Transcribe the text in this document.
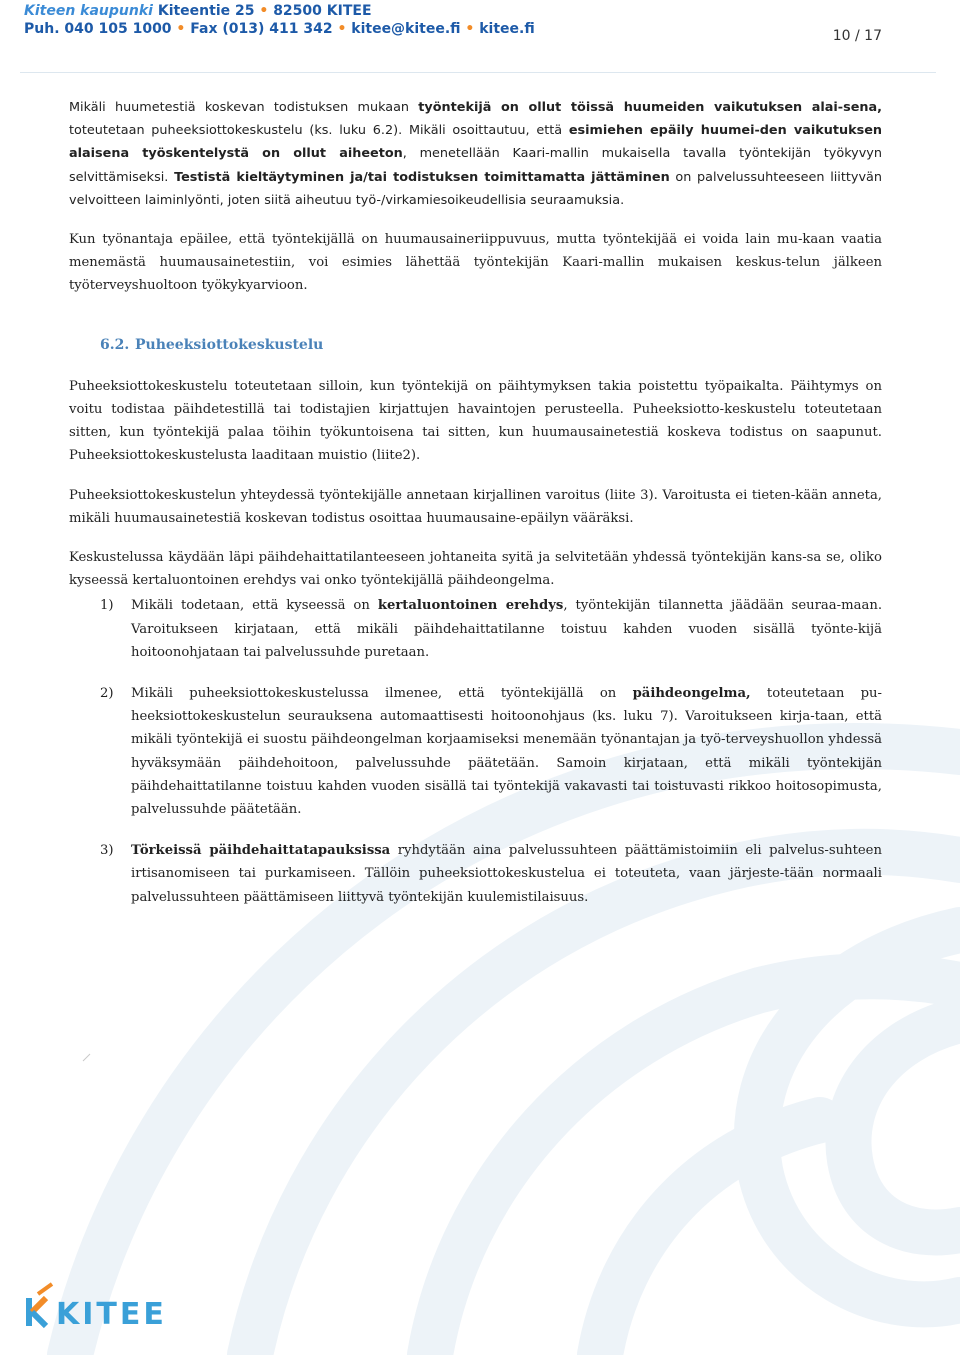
Kiteen kaupunki Kiteentie 25 • 82500 KITEE
Puh. 040 105 1000 • Fax (013) 411 342 • kitee@kitee.fi • kitee.fi	10 / 17

Mikäli huumetestiä koskevan todistuksen mukaan työntekijä on ollut töissä huumeiden vaikutuksen alai-sena, toteutetaan puheeksiottokeskustelu (ks. luku 6.2). Mikäli osoittautuu, että esimiehen epäily huumei-den vaikutuksen alaisena työskentelystä on ollut aiheeton, menetellään Kaari-mallin mukaisella tavalla työntekijän työkyvyn selvittämiseksi. Testistä kieltäytyminen ja/tai todistuksen toimittamatta jättäminen on palvelussuhteeseen liittyvän velvoitteen laiminlyönti, joten siitä aiheutuu työ-/virkamiesoikeudellisia seuraamuksia.

Kun työnantaja epäilee, että työntekijällä on huumausaineriippuvuus, mutta työntekijää ei voida lain mu-kaan vaatia menemästä huumausainetestiin, voi esimies lähettää työntekijän Kaari-mallin mukaisen keskus-telun jälkeen työterveyshuoltoon työkykyarvioon.

6.2. Puheeksiottokeskustelu

Puheeksiottokeskustelu toteutetaan silloin, kun työntekijä on päihtymyksen takia poistettu työpaikalta. Päihtymys on voitu todistaa päihdetestillä tai todistajien kirjattujen havaintojen perusteella. Puheeksiotto-keskustelu toteutetaan sitten, kun työntekijä palaa töihin työkuntoisena tai sitten, kun huumausainetestiä koskeva todistus on saapunut. Puheeksiottokeskustelusta laaditaan muistio (liite2).

Puheeksiottokeskustelun yhteydessä työntekijälle annetaan kirjallinen varoitus (liite 3). Varoitusta ei tieten-kään anneta, mikäli huumausainetestiä koskevan todistus osoittaa huumausaine-epäilyn vääräksi.

Keskustelussa käydään läpi päihdehaittatilanteeseen johtaneita syitä ja selvitetään yhdessä työntekijän kans-sa se, oliko kyseessä kertaluontoinen erehdys vai onko työntekijällä päihdeongelma.

1) Mikäli todetaan, että kyseessä on kertaluontoinen erehdys, työntekijän tilannetta jäädään seuraa-maan. Varoitukseen kirjataan, että mikäli päihdehaittatilanne toistuu kahden vuoden sisällä työnte-kijä hoitoonohjataan tai palvelussuhde puretaan.
2) Mikäli puheeksiottokeskustelussa ilmenee, että työntekijällä on päihdeongelma, toteutetaan pu-heeksiottokeskustelun seurauksena automaattisesti hoitoonohjaus (ks. luku 7). Varoitukseen kirja-taan, että mikäli työntekijä ei suostu päihdeongelman korjaamiseksi menemään työnantajan ja työ-terveyshuollon yhdessä hyväksymään päihdehoitoon, palvelussuhde päätetään. Samoin kirjataan, että mikäli työntekijän päihdehaittatilanne toistuu kahden vuoden sisällä tai työntekijä vakavasti tai toistuvasti rikkoo hoitosopimusta, palvelussuhde päätetään.
3) Törkeissä päihdehaittatapauksissa ryhdytään aina palvelussuhteen päättämistoimiin eli palvelus-suhteen irtisanomiseen tai purkamiseen. Tällöin puheeksiottokeskustelua ei toteuteta, vaan järjeste-tään normaali palvelussuhteen päättämiseen liittyvä työntekijän kuulemistilaisuus.
KITEE
